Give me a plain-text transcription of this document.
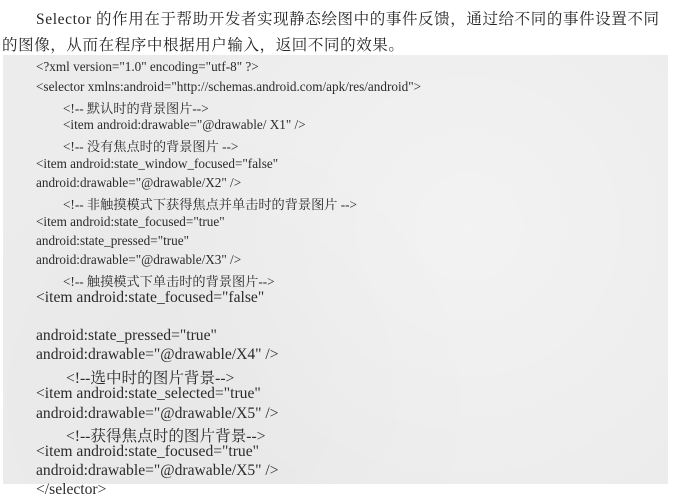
Selector 的作用在于帮助开发者实现静态绘图中的事件反馈，通过给不同的事件设置不同
的图像，从而在程序中根据用户输入，返回不同的效果。
<?xml version="1.0" encoding="utf-8" ?>
<selector xmlns:android="http://schemas.android.com/apk/res/android">
<!-- 默认时的背景图片-->
<item android:drawable="@drawable/ X1" />
<!-- 没有焦点时的背景图片 -->
<item android:state_window_focused="false"
android:drawable="@drawable/X2" />
<!-- 非触摸模式下获得焦点并单击时的背景图片 -->
<item android:state_focused="true"
android:state_pressed="true"
android:drawable="@drawable/X3" />
<!-- 触摸模式下单击时的背景图片-->
<item android:state_focused="false"
android:state_pressed="true"
android:drawable="@drawable/X4" />
<!--选中时的图片背景-->
<item android:state_selected="true"
android:drawable="@drawable/X5" />
<!--获得焦点时的图片背景-->
<item android:state_focused="true"
android:drawable="@drawable/X5" />
</selector>
